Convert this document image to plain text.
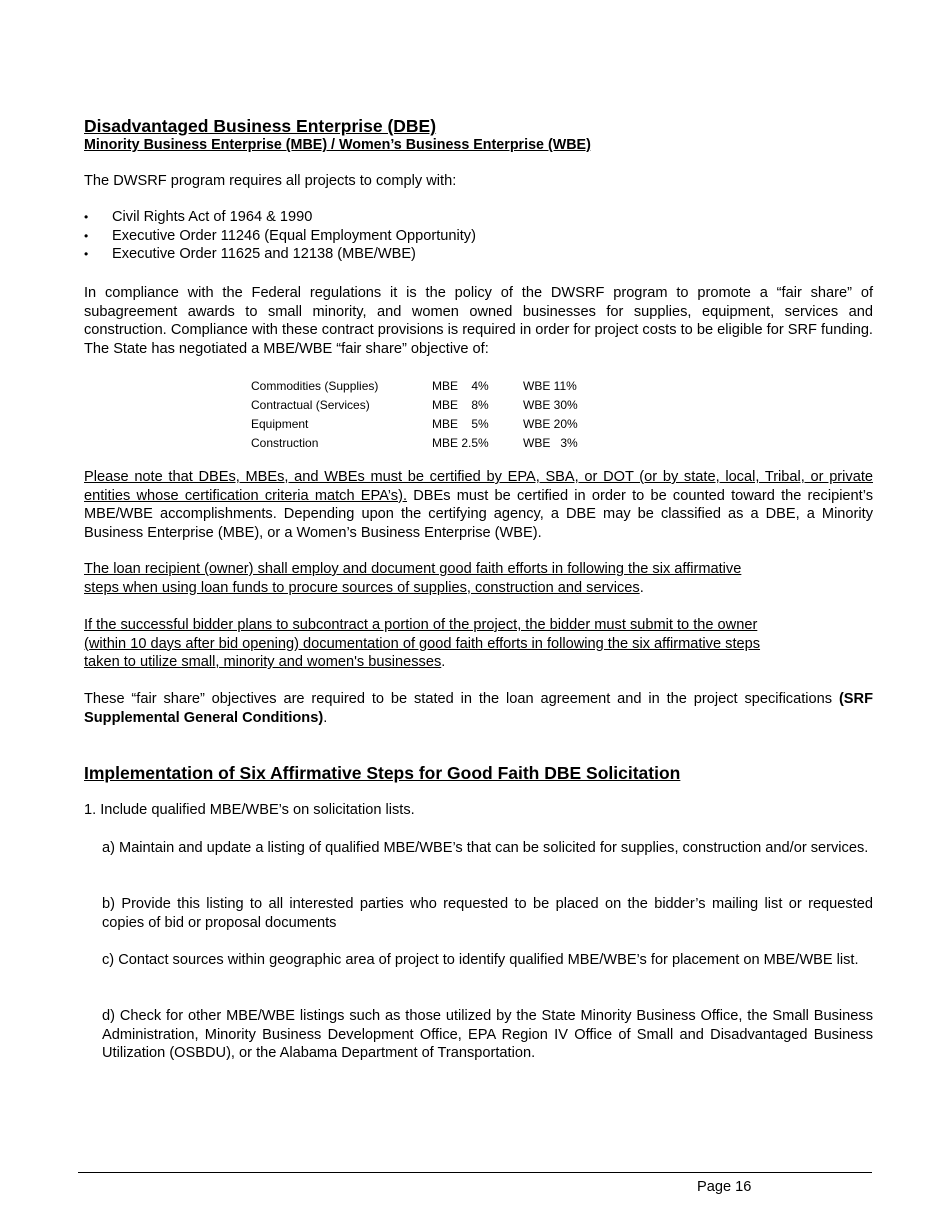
Disadvantaged Business Enterprise (DBE)
Minority Business Enterprise (MBE) / Women’s Business Enterprise (WBE)

The DWSRF program requires all projects to comply with:

• Civil Rights Act of 1964 & 1990
• Executive Order 11246 (Equal Employment Opportunity)
• Executive Order 11625 and 12138 (MBE/WBE)

In compliance with the Federal regulations it is the policy of the DWSRF program to promote a “fair share” of subagreement awards to small minority, and women owned businesses for supplies, equipment, services and construction. Compliance with these contract provisions is required in order for project costs to be eligible for SRF funding. The State has negotiated a MBE/WBE “fair share” objective of:

Commodities (Supplies)	MBE    4%	WBE 11%
Contractual (Services)	MBE    8%	WBE 30%
Equipment	MBE    5%	WBE 20%
Construction	MBE 2.5%	WBE   3%

Please note that DBEs, MBEs, and WBEs must be certified by EPA, SBA, or DOT (or by state, local, Tribal, or private entities whose certification criteria match EPA’s). DBEs must be certified in order to be counted toward the recipient’s MBE/WBE accomplishments. Depending upon the certifying agency, a DBE may be classified as a DBE, a Minority Business Enterprise (MBE), or a Women’s Business Enterprise (WBE).

The loan recipient (owner) shall employ and document good faith efforts in following the six affirmative
steps when using loan funds to procure sources of supplies, construction and services.
If the successful bidder plans to subcontract a portion of the project, the bidder must submit to the owner
(within 10 days after bid opening) documentation of good faith efforts in following the six affirmative steps
taken to utilize small, minority and women's businesses.

These “fair share” objectives are required to be stated in the loan agreement and in the project specifications (SRF Supplemental General Conditions).

Implementation of Six Affirmative Steps for Good Faith DBE Solicitation

1. Include qualified MBE/WBE’s on solicitation lists.

a) Maintain and update a listing of qualified MBE/WBE’s that can be solicited for supplies, construction and/or services.

b) Provide this listing to all interested parties who requested to be placed on the bidder’s mailing list or requested copies of bid or proposal documents

c) Contact sources within geographic area of project to identify qualified MBE/WBE’s for placement on MBE/WBE list.

d) Check for other MBE/WBE listings such as those utilized by the State Minority Business Office, the Small Business Administration, Minority Business Development Office, EPA Region IV Office of Small and Disadvantaged Business Utilization (OSBDU), or the Alabama Department of Transportation.

Page 16
